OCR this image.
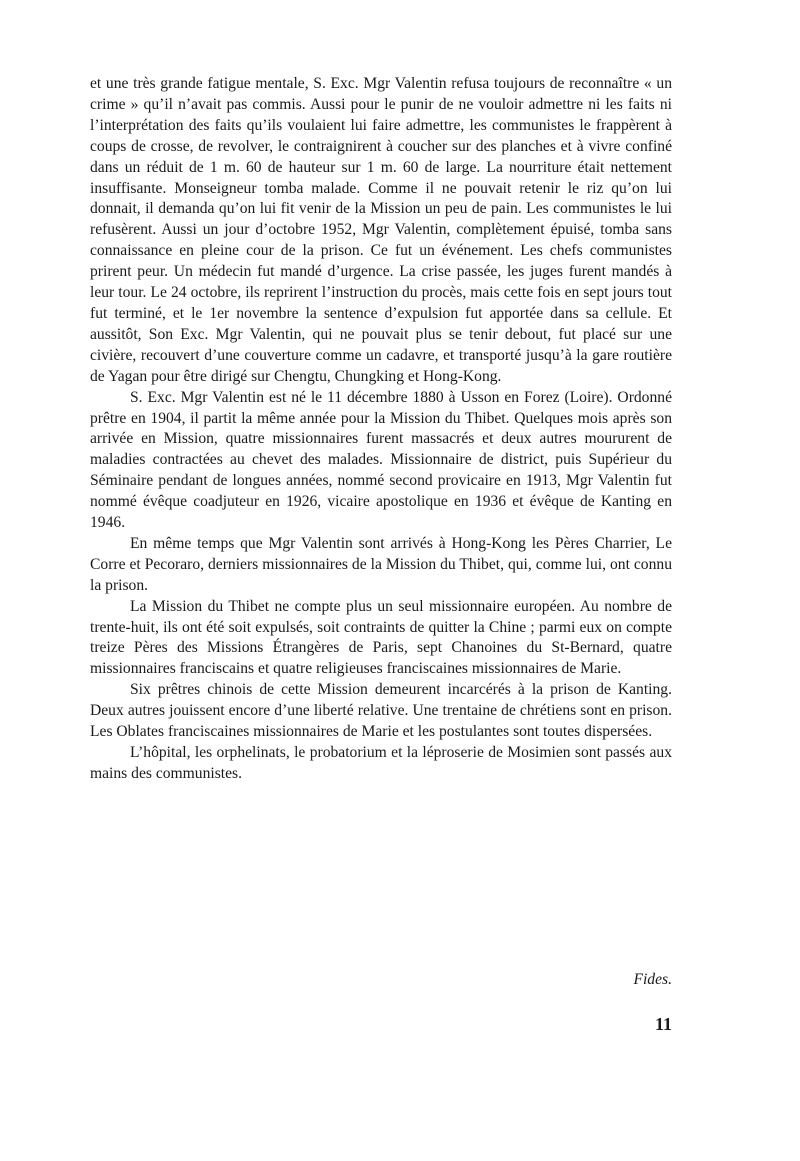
et une très grande fatigue mentale, S. Exc. Mgr Valentin refusa toujours de reconnaître « un crime » qu’il n’avait pas commis. Aussi pour le punir de ne vouloir admettre ni les faits ni l’interprétation des faits qu’ils voulaient lui faire admettre, les communistes le frappèrent à coups de crosse, de revolver, le contraignirent à coucher sur des planches et à vivre confiné dans un réduit de 1 m. 60 de hauteur sur 1 m. 60 de large. La nourriture était nettement insuffisante. Monseigneur tomba malade. Comme il ne pouvait retenir le riz qu’on lui donnait, il demanda qu’on lui fit venir de la Mission un peu de pain. Les communistes le lui refusèrent. Aussi un jour d’octobre 1952, Mgr Valentin, complètement épuisé, tomba sans connaissance en pleine cour de la prison. Ce fut un événement. Les chefs communistes prirent peur. Un médecin fut mandé d’urgence. La crise passée, les juges furent mandés à leur tour. Le 24 octobre, ils reprirent l’instruction du procès, mais cette fois en sept jours tout fut terminé, et le 1er novembre la sentence d’expulsion fut apportée dans sa cellule. Et aussitôt, Son Exc. Mgr Valentin, qui ne pouvait plus se tenir debout, fut placé sur une civière, recouvert d’une couverture comme un cadavre, et transporté jusqu’à la gare routière de Yagan pour être dirigé sur Chengtu, Chungking et Hong-Kong.

S. Exc. Mgr Valentin est né le 11 décembre 1880 à Usson en Forez (Loire). Ordonné prêtre en 1904, il partit la même année pour la Mission du Thibet. Quelques mois après son arrivée en Mission, quatre missionnaires furent massacrés et deux autres moururent de maladies contractées au chevet des malades. Missionnaire de district, puis Supérieur du Séminaire pendant de longues années, nommé second provicaire en 1913, Mgr Valentin fut nommé évêque coadjuteur en 1926, vicaire apostolique en 1936 et évêque de Kanting en 1946.

En même temps que Mgr Valentin sont arrivés à Hong-Kong les Pères Charrier, Le Corre et Pecoraro, derniers missionnaires de la Mission du Thibet, qui, comme lui, ont connu la prison.

La Mission du Thibet ne compte plus un seul missionnaire européen. Au nombre de trente-huit, ils ont été soit expulsés, soit contraints de quitter la Chine ; parmi eux on compte treize Pères des Missions Étrangères de Paris, sept Chanoines du St-Bernard, quatre missionnaires franciscains et quatre religieuses franciscaines missionnaires de Marie.

Six prêtres chinois de cette Mission demeurent incarcérés à la prison de Kanting. Deux autres jouissent encore d’une liberté relative. Une trentaine de chrétiens sont en prison. Les Oblates franciscaines missionnaires de Marie et les postulantes sont toutes dispersées.

L’hôpital, les orphelinats, le probatorium et la léproserie de Mosimien sont passés aux mains des communistes.

Fides.
11
